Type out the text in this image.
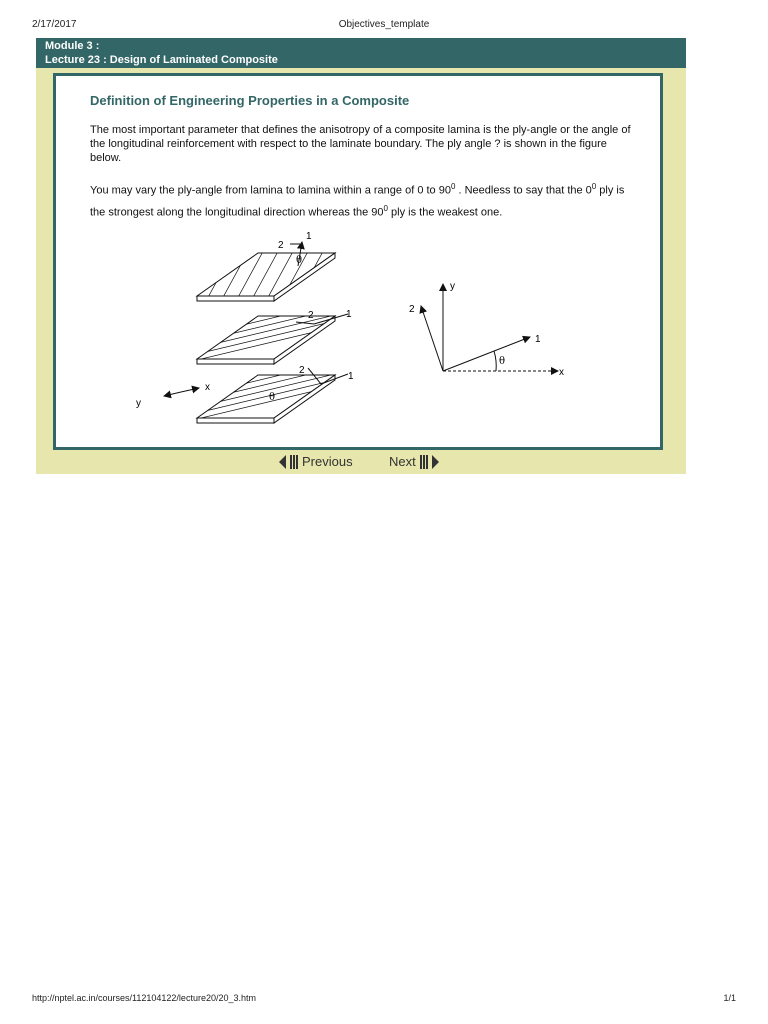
2/17/2017	Objectives_template
Module 3 :
Lecture 23 : Design of Laminated Composite
Definition of Engineering Properties in a Composite
The most important parameter that defines the anisotropy of a composite lamina is the ply-angle or the angle of the longitudinal reinforcement with respect to the laminate boundary. The ply angle ? is shown in the figure below.
You may vary the ply-angle from lamina to lamina within a range of 0 to $90^0$ . Needless to say that the $0^0$ ply is the strongest along the longitudinal direction whereas the $90^0$ ply is the weakest one.
2
1
θ
2	1
2
1
θ
y
x
y
x
1
2
θ
Previous	Next
http://nptel.ac.in/courses/112104122/lecture20/20_3.htm	1/1
